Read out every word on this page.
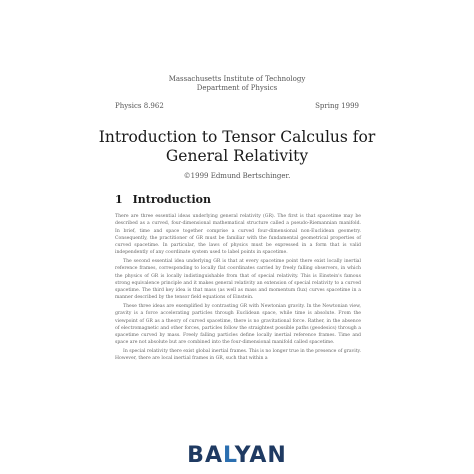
Massachusetts Institute of Technology
Department of Physics
Physics 8.962	Spring 1999
Introduction to Tensor Calculus for
General Relativity
©1999 Edmund Bertschinger.
1 Introduction

There are three essential ideas underlying general relativity (GR). The first is that spacetime may be described as a curved, four-dimensional mathematical structure called a pseudo-Riemannian manifold. In brief, time and space together comprise a curved four-dimensional non-Euclidean geometry. Consequently, the practitioner of GR must be familiar with the fundamental geometrical properties of curved spacetime. In particular, the laws of physics must be expressed in a form that is valid independently of any coordinate system used to label points in spacetime.

The second essential idea underlying GR is that at every spacetime point there exist locally inertial reference frames, corresponding to locally flat coordinates carried by freely falling observers, in which the physics of GR is locally indistinguishable from that of special relativity. This is Einstein's famous strong equivalence principle and it makes general relativity an extension of special relativity to a curved spacetime. The third key idea is that mass (as well as mass and momentum flux) curves spacetime in a manner described by the tensor field equations of Einstein.

These three ideas are exemplified by contrasting GR with Newtonian gravity. In the Newtonian view, gravity is a force accelerating particles through Euclidean space, while time is absolute. From the viewpoint of GR as a theory of curved spacetime, there is no gravitational force. Rather, in the absence of electromagnetic and other forces, particles follow the straightest possible paths (geodesics) through a spacetime curved by mass. Freely falling particles define locally inertial reference frames. Time and space are not absolute but are combined into the four-dimensional manifold called spacetime.

In special relativity there exist global inertial frames. This is no longer true in the presence of gravity. However, there are local inertial frames in GR, such that within a

BALYAN
